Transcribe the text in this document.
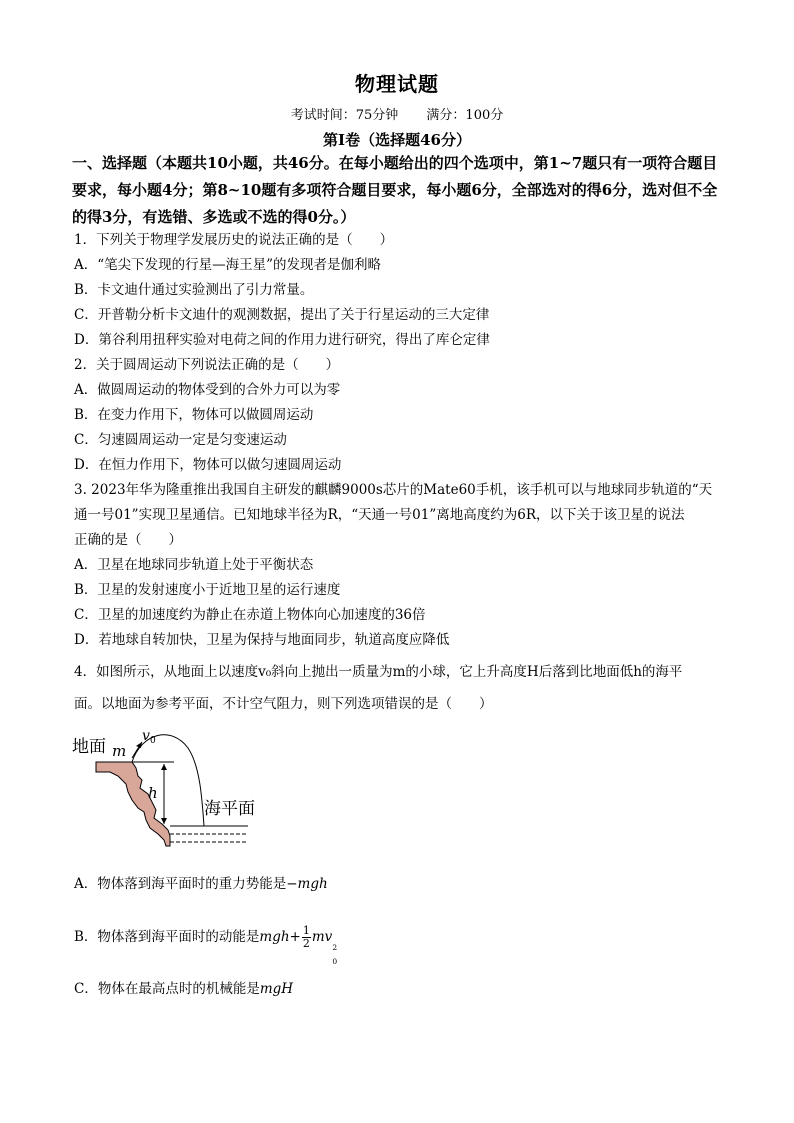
物理试题
考试时间：75分钟 满分：100分
第Ⅰ卷（选择题46分）
一、选择题（本题共10小题，共46分。在每小题给出的四个选项中，第1~7题只有一项符合题目要求，每小题4分；第8~10题有多项符合题目要求，每小题6分，全部选对的得6分，选对但不全的得3分，有选错、多选或不选的得0分。）
1．下列关于物理学发展历史的说法正确的是（　　）
A．“笔尖下发现的行星—海王星”的发现者是伽利略
B．卡文迪什通过实验测出了引力常量。
C．开普勒分析卡文迪什的观测数据，提出了关于行星运动的三大定律
D．第谷利用扭秤实验对电荷之间的作用力进行研究，得出了库仑定律
2．关于圆周运动下列说法正确的是（　　）
A．做圆周运动的物体受到的合外力可以为零
B．在变力作用下，物体可以做圆周运动
C．匀速圆周运动一定是匀变速运动
D．在恒力作用下，物体可以做匀速圆周运动
3. 2023年华为隆重推出我国自主研发的麒麟9000s芯片的Mate60手机，该手机可以与地球同步轨道的“天
通一号01”实现卫星通信。已知地球半径为R，“天通一号01”离地高度约为6R，以下关于该卫星的说法
正确的是（　　）
A．卫星在地球同步轨道上处于平衡状态
B．卫星的发射速度小于近地卫星的运行速度
C．卫星的加速度约为静止在赤道上物体向心加速度的36倍
D．若地球自转加快，卫星为保持与地面同步，轨道高度应降低
4．如图所示，从地面上以速度v₀斜向上抛出一质量为m的小球，它上升高度H后落到比地面低h的海平
面。以地面为参考平面，不计空气阻力，则下列选项错误的是（　　）
地面 m
v 0
h
海平面
A．物体落到海平面时的重力势能是−mgh
B．物体落到海平面时的动能是$mgh+ \frac{1}{2}$ mv
2
0
C．物体在最高点时的机械能是mgH
